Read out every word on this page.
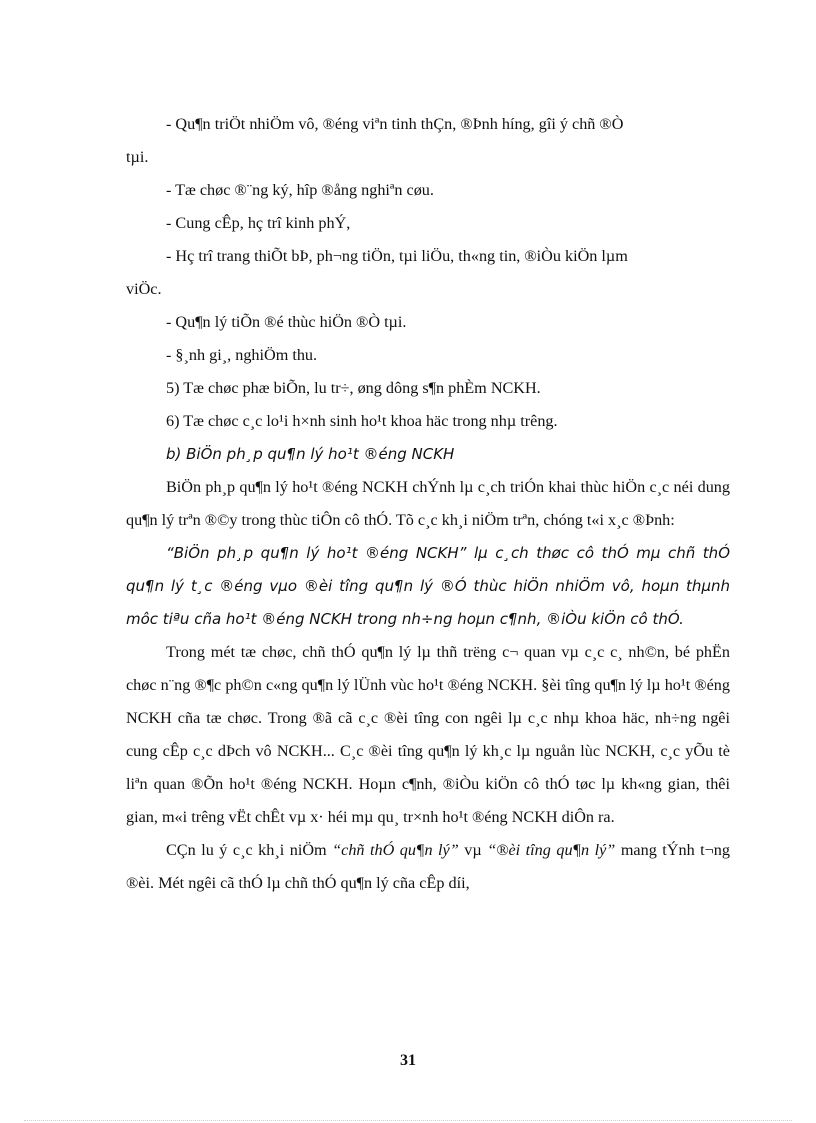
- Qu¶n triÖt nhiÖm vô, ®éng viªn tinh thÇn, ®Þnh híng, gîi ý chñ ®Ò

tµi.

- Tæ chøc ®¨ng ký, hîp ®ång nghiªn cøu.

- Cung cÊp, hç trî kinh phÝ,

- Hç trî trang thiÕt bÞ, ph¬ng tiÖn, tµi liÖu, th«ng tin, ®iÒu kiÖn lµm

viÖc.

- Qu¶n lý tiÕn ®é thùc hiÖn ®Ò tµi.

- §¸nh gi¸, nghiÖm thu.

5) Tæ chøc phæ biÕn, lu tr÷, øng dông s¶n phÈm NCKH.

6) Tæ chøc c¸c lo¹i h×nh sinh ho¹t khoa häc trong nhµ trêng.

b) BiÖn ph¸p qu¶n lý ho¹t ®éng NCKH

BiÖn ph¸p qu¶n lý ho¹t ®éng NCKH chÝnh lµ c¸ch triÓn khai thùc hiÖn c¸c néi dung qu¶n lý trªn ®©y trong thùc tiÔn cô thÓ. Tõ c¸c kh¸i niÖm trªn, chóng t«i x¸c ®Þnh:

“BiÖn ph¸p qu¶n lý ho¹t ®éng NCKH” lµ c¸ch thøc cô thÓ mµ chñ thÓ qu¶n lý t¸c ®éng vµo ®èi tîng qu¶n lý ®Ó thùc hiÖn nhiÖm vô, hoµn thµnh môc tiªu cña ho¹t ®éng NCKH trong nh÷ng hoµn c¶nh, ®iÒu kiÖn cô thÓ.

Trong mét tæ chøc, chñ thÓ qu¶n lý lµ thñ trëng c¬ quan vµ c¸c c¸ nh©n, bé phËn chøc n¨ng ®¶c ph©n c«ng qu¶n lý lÜnh vùc ho¹t ®éng NCKH. §èi tîng qu¶n lý lµ ho¹t ®éng NCKH cña tæ chøc. Trong ®ã cã c¸c ®èi tîng con ngêi lµ c¸c nhµ khoa häc, nh÷ng ngêi cung cÊp c¸c dÞch vô NCKH... C¸c ®èi tîng qu¶n lý kh¸c lµ nguån lùc NCKH, c¸c yÕu tè liªn quan ®Õn ho¹t ®éng NCKH. Hoµn c¶nh, ®iÒu kiÖn cô thÓ tøc lµ kh«ng gian, thêi gian, m«i trêng vËt chÊt vµ x· héi mµ qu¸ tr×nh ho¹t ®éng NCKH diÔn ra.

CÇn lu ý c¸c kh¸i niÖm “chñ thÓ qu¶n lý” vµ “®èi tîng qu¶n lý” mang tÝnh t¬ng ®èi. Mét ngêi cã thÓ lµ chñ thÓ qu¶n lý cña cÊp díi,

31
